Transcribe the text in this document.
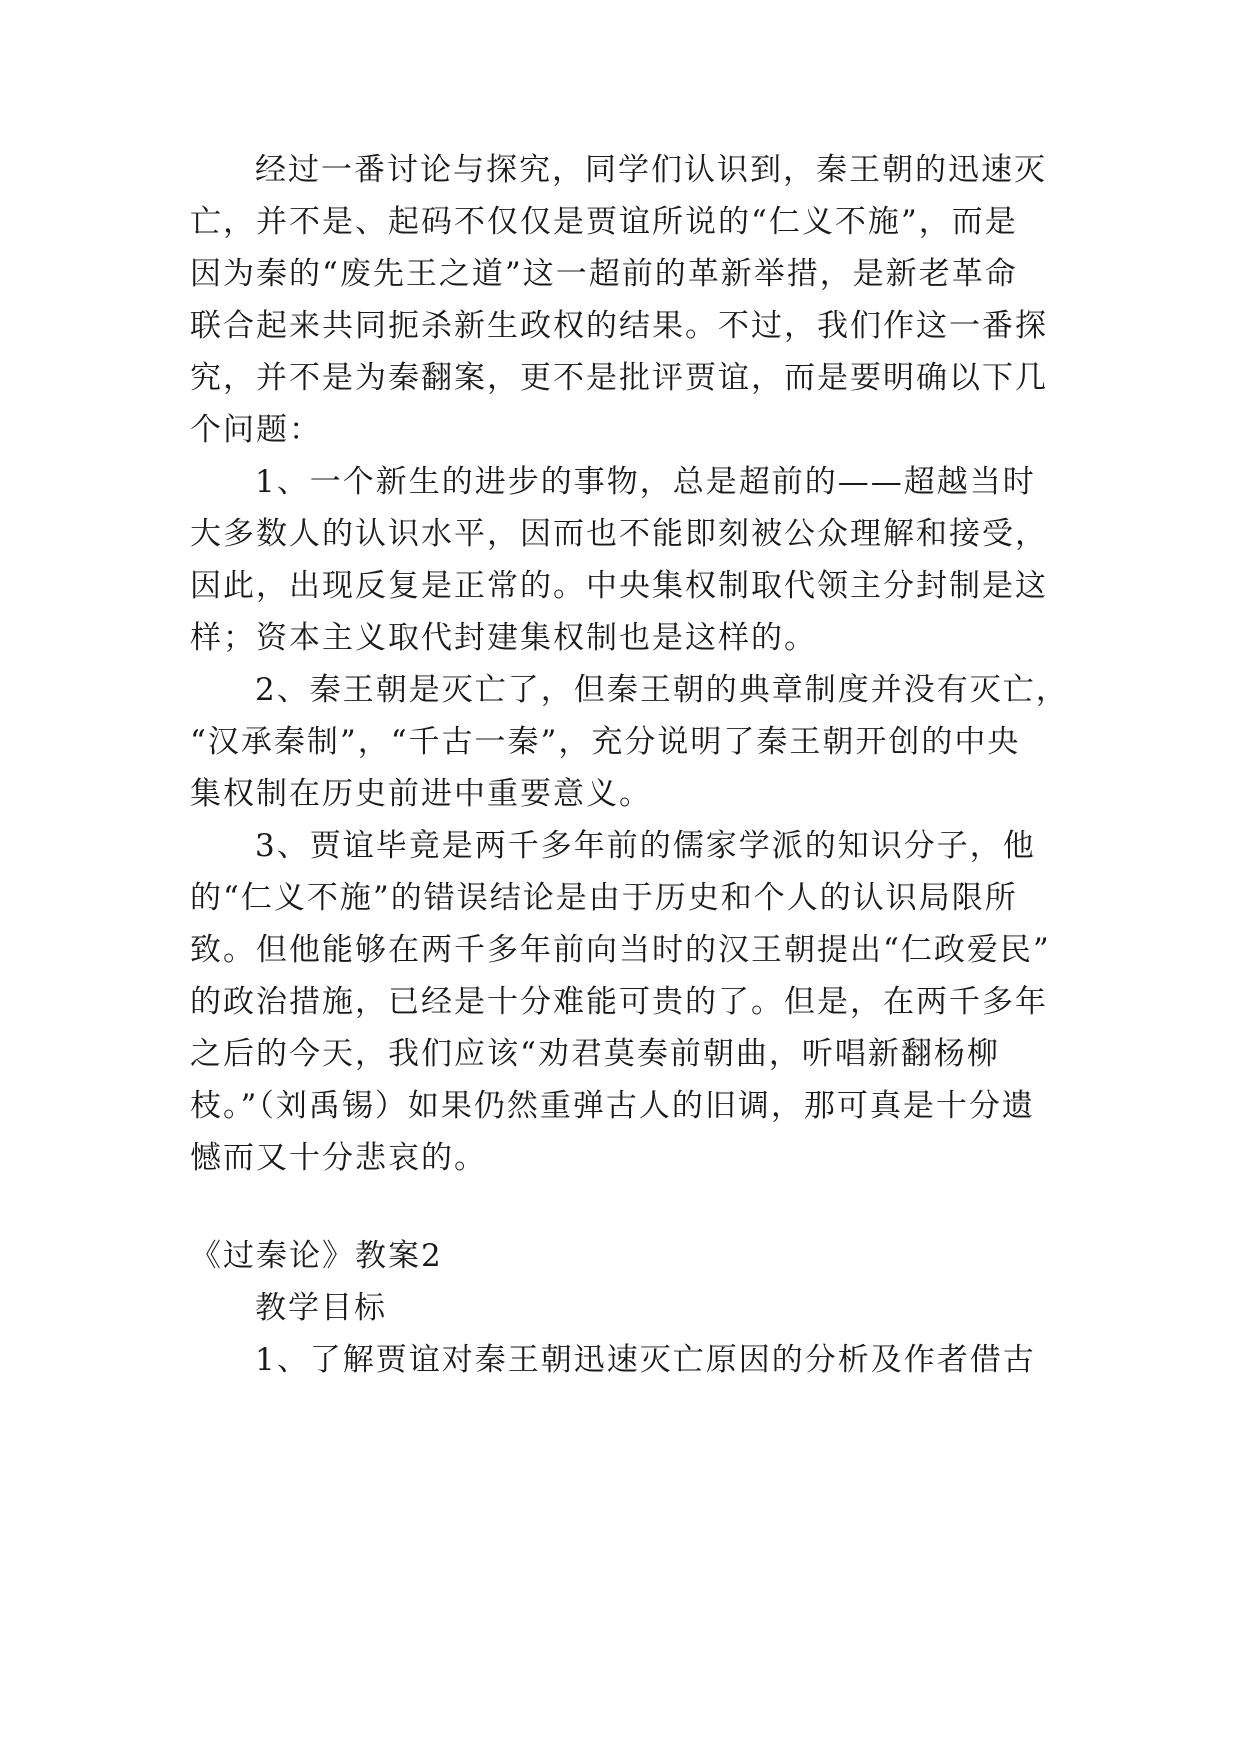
经过一番讨论与探究，同学们认识到，秦王朝的迅速灭
亡，并不是、起码不仅仅是贾谊所说的“仁义不施”，而是
因为秦的“废先王之道”这一超前的革新举措，是新老革命
联合起来共同扼杀新生政权的结果。不过，我们作这一番探
究，并不是为秦翻案，更不是批评贾谊，而是要明确以下几
个问题：
1、一个新生的进步的事物，总是超前的——超越当时
大多数人的认识水平，因而也不能即刻被公众理解和接受，
因此，出现反复是正常的。中央集权制取代领主分封制是这
样；资本主义取代封建集权制也是这样的。
2、秦王朝是灭亡了，但秦王朝的典章制度并没有灭亡，
“汉承秦制”，“千古一秦”，充分说明了秦王朝开创的中央
集权制在历史前进中重要意义。
3、贾谊毕竟是两千多年前的儒家学派的知识分子，他
的“仁义不施”的错误结论是由于历史和个人的认识局限所
致。但他能够在两千多年前向当时的汉王朝提出“仁政爱民”
的政治措施，已经是十分难能可贵的了。但是，在两千多年
之后的今天，我们应该“劝君莫奏前朝曲，听唱新翻杨柳
枝。”（刘禹锡）如果仍然重弹古人的旧调，那可真是十分遗
憾而又十分悲哀的。
《过秦论》教案2
教学目标
1、了解贾谊对秦王朝迅速灭亡原因的分析及作者借古
